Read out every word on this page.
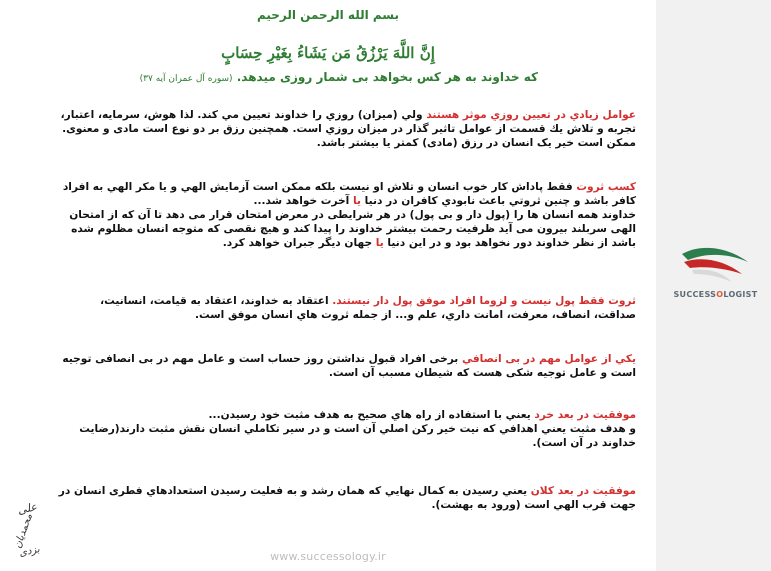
بسم الله الرحمن الرحيم
إِنَّ اللَّهَ يَرْزُقُ مَن يَشَاءُ بِغَيْرِ حِسَابٍ
که خداوند به هر کس بخواهد بی شمار روزی میدهد. (سوره آل عمران آیه ۳۷)
عوامل زيادي در تعيين روزي موثر هستند ولي (ميزان) روزي را خداوند تعيين مي كند. لذا هوش، سرمايه، اعتبار، تجربه و تلاش يك قسمت از عوامل تاثير گذار در ميزان روزي است. همچنين رزق بر دو نوع است مادی و معنوی. ممكن است خير يک انسان در رزق (مادی) كمتر يا بيشتر باشد.
كسب ثروت فقط پاداش كار خوب انسان و تلاش او نيست بلكه ممكن است آزمايش الهي و يا مكر الهي به افراد كافر باشد و چنين ثروتي باعث نابودي كافران در دنيا يا آخرت خواهد شد...
خداوند همه انسان ها را (پول دار و بی پول) در هر شرايطی در معرض امتحان قرار می دهد تا آن كه از امتحان الهی سربلند بيرون می آيد ظرفيت رحمت بيشتر خداوند را پيدا كند و هيچ نقصی كه متوجه انسان مظلوم شده باشد از نظر خداوند دور نخواهد بود و در اين دنيا يا جهان ديگر جبران خواهد كرد.
ثروت فقط پول نيست و لزوما افراد موفق پول دار نيستند. اعتقاد به خداوند، اعتقاد به قيامت، انسانيت، صداقت، انصاف، معرفت، امانت داري، علم و... از جمله ثروت هاي انسان موفق است.
يكي از عوامل مهم در بی انصافي برخی افراد قبول نداشتن روز حساب است و عامل مهم در بی انصافی توجيه است و عامل توجيه شكی هست كه شيطان مسبب آن است.
موفقيت در بعد خرد يعني با استفاده از راه هاي صحيح به هدف مثبت خود رسيدن...
و هدف مثبت يعني اهدافي كه نيت خير ركن اصلي آن است و در سير تكاملي انسان نقش مثبت دارند(رضايت خداوند در آن است).
موفقيت در بعد كلان يعني رسيدن به كمال نهايي كه همان رشد و به فعليت رسيدن استعدادهاي فطری انسان در جهت قرب الهي است (ورود به بهشت).
علی
محمدیان
بزدی	www.successology.ir
SUCCESSOLOGIST
